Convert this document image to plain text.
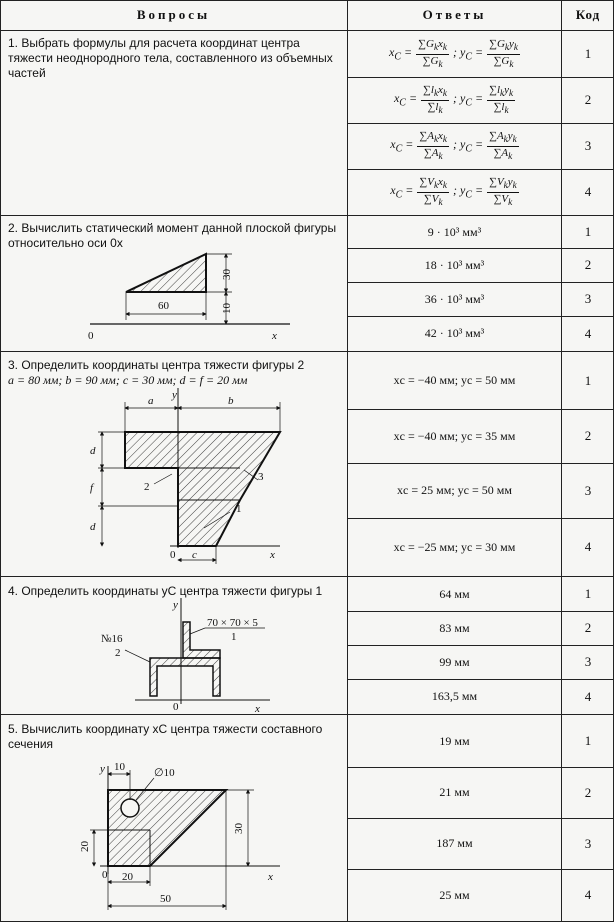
Вопросы	Ответы	Код
1. Выбрать формулы для расчета координат центра тяжести неоднородного тела, составленного из объемных частей
$x_C = \frac{\sum G_kx_k}{\sum G_k}$ ; $y_C = \frac{\sum G_ky_k}{\sum G_k}$	1
$x_C = \frac{\sum l_kx_k}{\sum l_k}$ ; $y_C = \frac{\sum l_ky_k}{\sum l_k}$	2
$x_C = \frac{\sum A_kx_k}{\sum A_k}$ ; $y_C = \frac{\sum A_ky_k}{\sum A_k}$	3
$x_C = \frac{\sum V_kx_k}{\sum V_k}$ ; $y_C = \frac{\sum V_ky_k}{\sum V_k}$	4
2. Вычислить статический момент данной плоской фигуры относительно оси 0x
60
30
10
0	x
9 · 10³ мм³	1
18 · 10³ мм³	2
36 · 10³ мм³	3
42 · 10³ мм³	4
3. Определить координаты центра тяжести фигуры 2
a = 80 мм; b = 90 мм; c = 30 мм; d = f = 20 мм
a	b
y
d
f
d
2
1
3
0 c	x
xc = −40 мм; yc = 50 мм	1
xc = −40 мм; yc = 35 мм	2
xc = 25 мм; yc = 50 мм	3
xc = −25 мм; yc = 30 мм	4
4. Определить координаты yC центра тяжести фигуры 1
№16
2
70 × 70 × 5
1
y
0	x
64 мм	1
83 мм	2
99 мм	3
163,5 мм	4
5. Вычислить координату xC центра тяжести составного сечения
y 10	∅10
20
30
0 20
50
x
19 мм	1
21 мм	2
187 мм	3
25 мм	4
